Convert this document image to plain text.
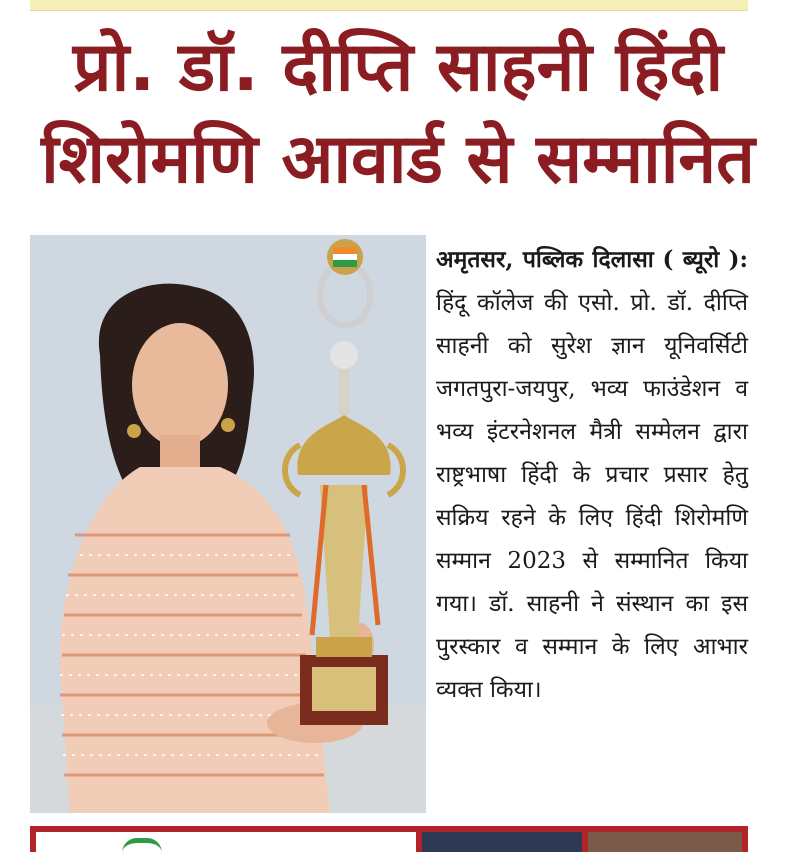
प्रो. डॉ. दीप्ति साहनी हिंदी
शिरोमणि आवार्ड से सम्मानित

अमृतसर, पब्लिक दिलासा ( ब्यूरो ): हिंदू कॉलेज की एसो. प्रो. डॉ. दीप्ति साहनी को सुरेश ज्ञान यूनिवर्सिटी जगतपुरा-जयपुर, भव्य फाउंडेशन व भव्य इंटरनेशनल मैत्री सम्मेलन द्वारा राष्ट्रभाषा हिंदी के प्रचार प्रसार हेतु सक्रिय रहने के लिए हिंदी शिरोमणि सम्मान 2023 से सम्मानित किया गया। डॉ. साहनी ने संस्थान का इस पुरस्कार व सम्मान के लिए आभार व्यक्त किया।
